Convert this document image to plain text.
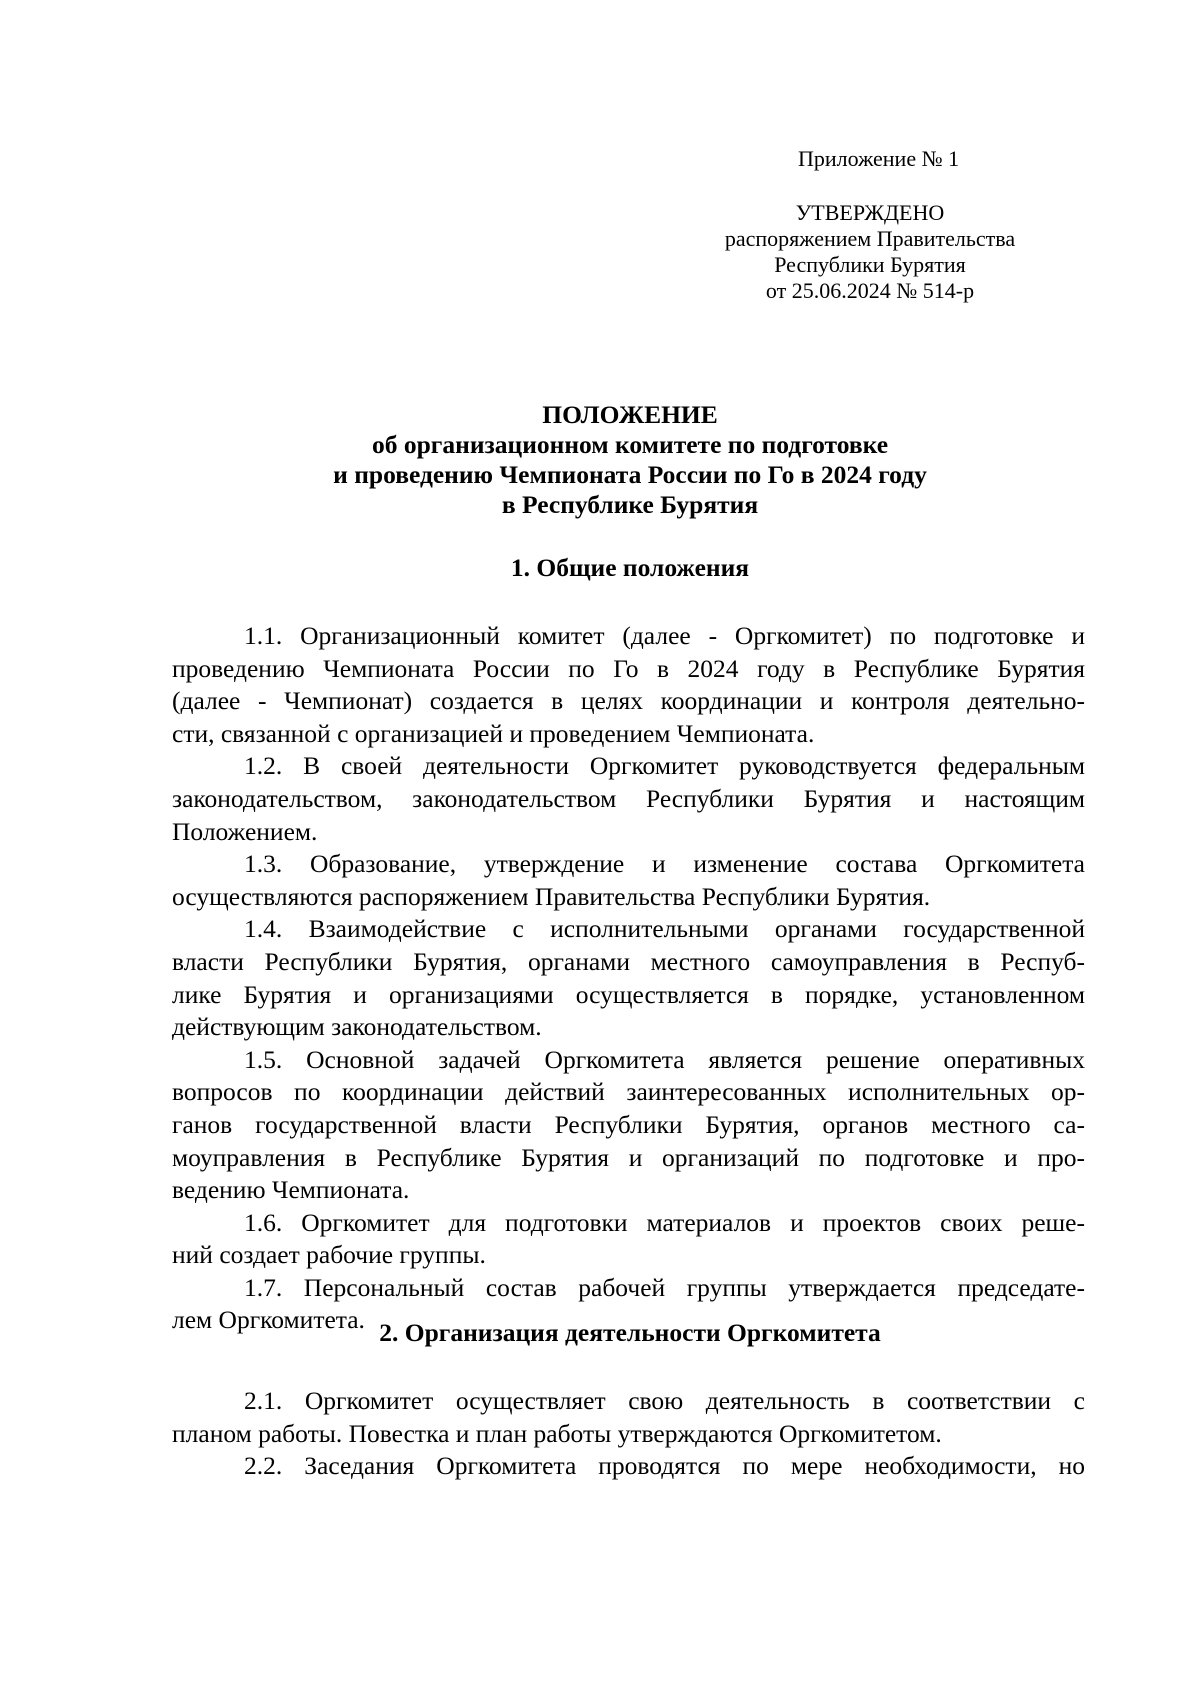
Приложение № 1
УТВЕРЖДЕНО
распоряжением Правительства
Республики Бурятия
от 25.06.2024 № 514-р
ПОЛОЖЕНИЕ
об организационном комитете по подготовке
и проведению Чемпионата России по Го в 2024 году
в Республике Бурятия
1. Общие положения
1.1. Организационный комитет (далее - Оргкомитет) по подготовке и
проведению Чемпионата России по Го в 2024 году в Республике Бурятия
(далее - Чемпионат) создается в целях координации и контроля деятельно-
сти, связанной с организацией и проведением Чемпионата.
1.2. В своей деятельности Оргкомитет руководствуется федеральным
законодательством, законодательством Республики Бурятия и настоящим
Положением.
1.3. Образование, утверждение и изменение состава Оргкомитета
осуществляются распоряжением Правительства Республики Бурятия.
1.4. Взаимодействие с исполнительными органами государственной
власти Республики Бурятия, органами местного самоуправления в Респуб-
лике Бурятия и организациями осуществляется в порядке, установленном
действующим законодательством.
1.5. Основной задачей Оргкомитета является решение оперативных
вопросов по координации действий заинтересованных исполнительных ор-
ганов государственной власти Республики Бурятия, органов местного са-
моуправления в Республике Бурятия и организаций по подготовке и про-
ведению Чемпионата.
1.6. Оргкомитет для подготовки материалов и проектов своих реше-
ний создает рабочие группы.
1.7. Персональный состав рабочей группы утверждается председате-
лем Оргкомитета. 2. Организация деятельности Оргкомитета
2.1. Оргкомитет осуществляет свою деятельность в соответствии с
планом работы. Повестка и план работы утверждаются Оргкомитетом.
2.2. Заседания Оргкомитета проводятся по мере необходимости, но
